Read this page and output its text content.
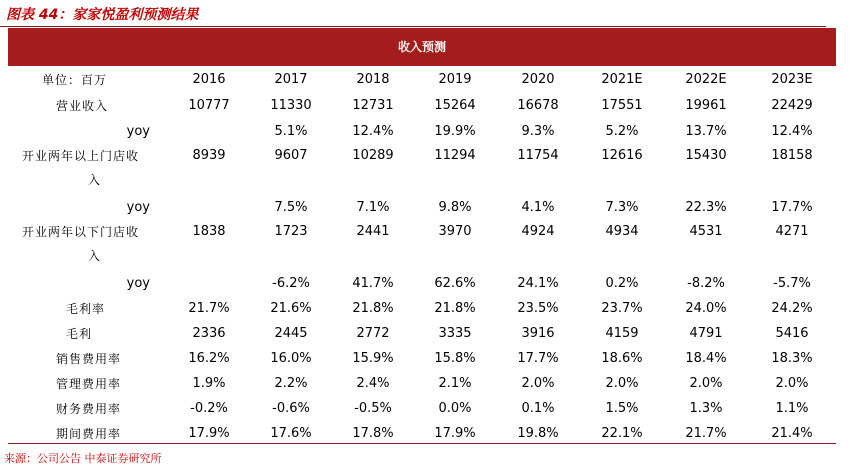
图表 44：家家悦盈利预测结果
收入预测
单位：百万	2016	2017	2018	2019	2020	2021E	2022E	2023E
营业收入	10777	11330	12731	15264	16678	17551	19961	22429
yoy		5.1%	12.4%	19.9%	9.3%	5.2%	13.7%	12.4%

开业两年以上门店收
入	8939	9607	10289	11294	11754	12616	15430	18158
yoy		7.5%	7.1%	9.8%	4.1%	7.3%	22.3%	17.7%

开业两年以下门店收
入	1838	1723	2441	3970	4924	4934	4531	4271
yoy		-6.2%	41.7%	62.6%	24.1%	0.2%	-8.2%	-5.7%
毛利率	21.7%	21.6%	21.8%	21.8%	23.5%	23.7%	24.0%	24.2%
毛利	2336	2445	2772	3335	3916	4159	4791	5416
销售费用率	16.2%	16.0%	15.9%	15.8%	17.7%	18.6%	18.4%	18.3%
管理费用率	1.9%	2.2%	2.4%	2.1%	2.0%	2.0%	2.0%	2.0%
财务费用率	-0.2%	-0.6%	-0.5%	0.0%	0.1%	1.5%	1.3%	1.1%
期间费用率	17.9%	17.6%	17.8%	17.9%	19.8%	22.1%	21.7%	21.4%
来源：公司公告 中泰证券研究所
